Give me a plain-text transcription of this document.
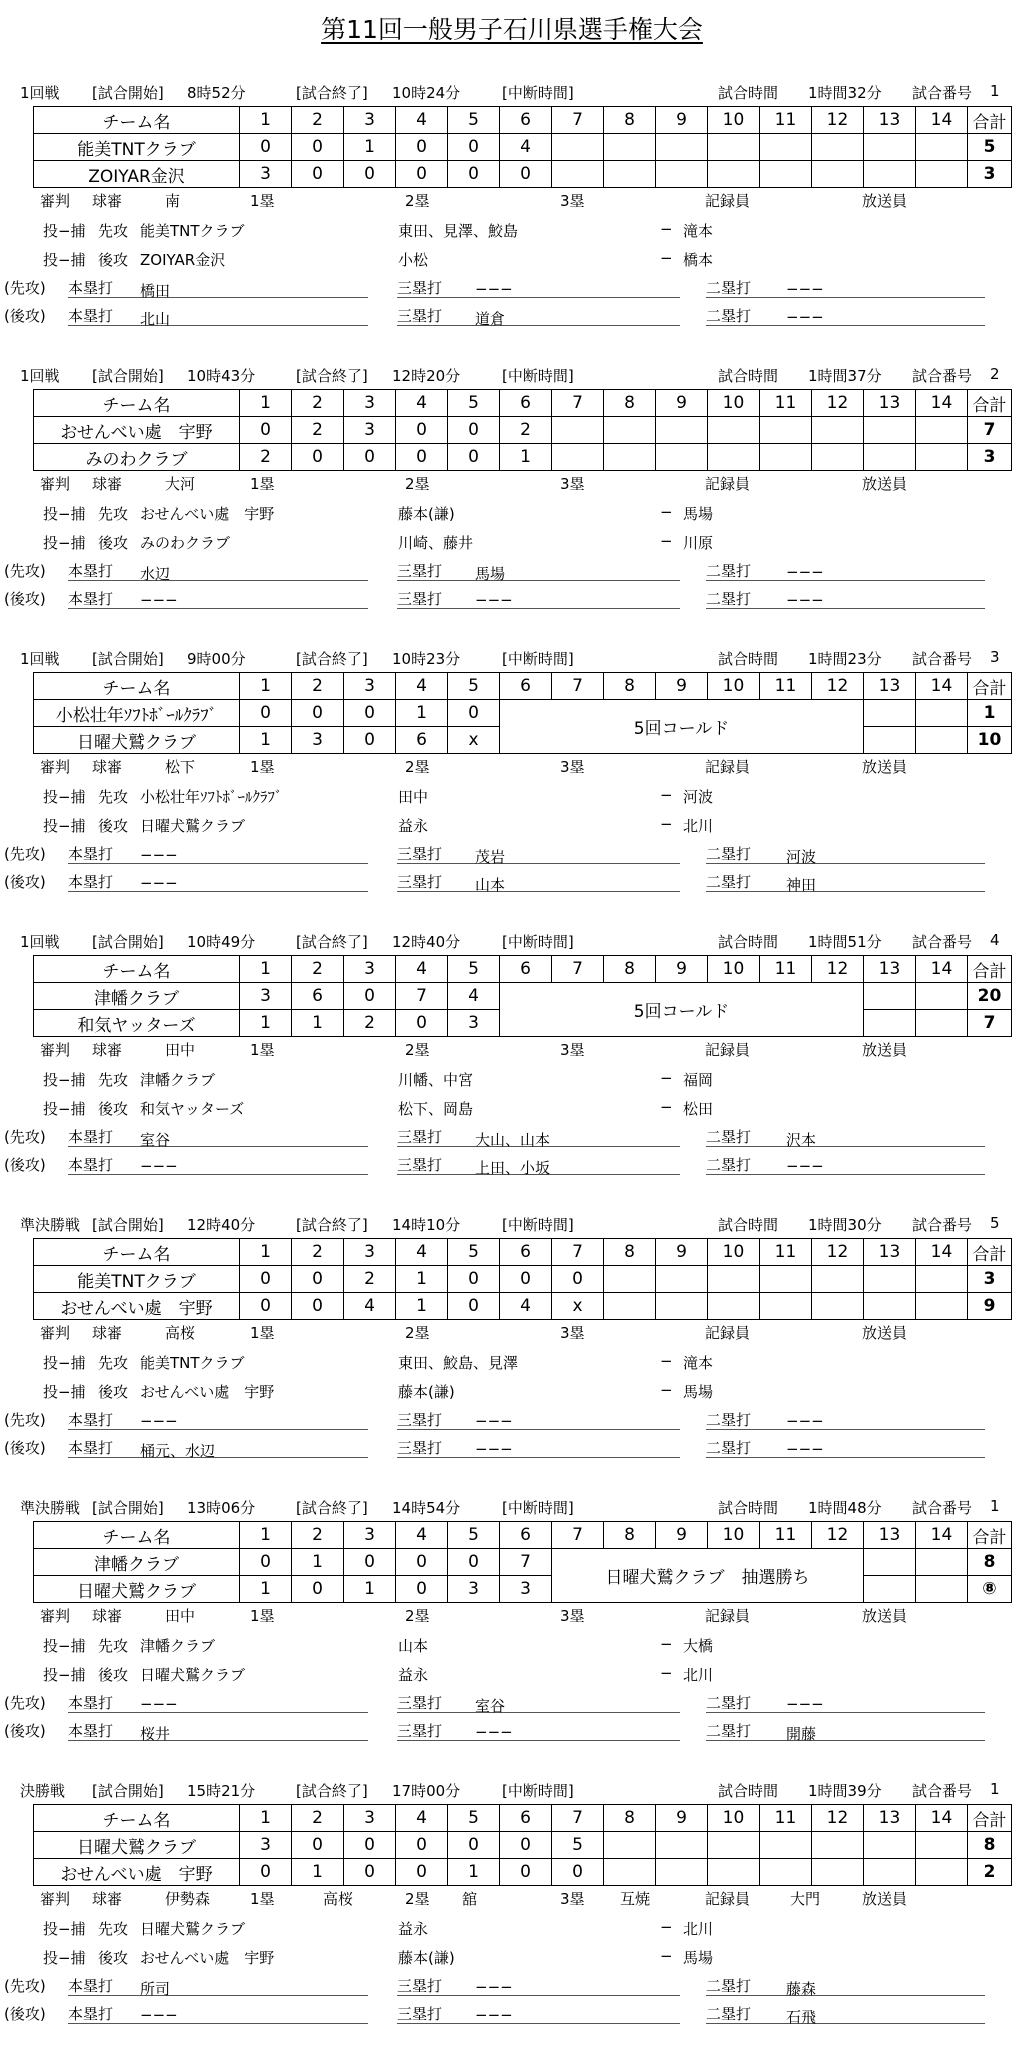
第11回一般男子石川県選手権大会
1回戦 [試合開始] 8時52分	[試合終了] 10時24分	[中断時間]	試合時間 1時間32分 試合番号 1
チーム名	1	2	3	4	5	6	7	8	9	10	11	12	13	14	合計
能美TNTクラブ	0	0	1	0	0	4									5
ZOIYAR金沢	3	0	0	0	0	0									3
審判 球審	南	1塁	2塁	3塁	記録員	放送員
投−捕 先攻 能美TNTクラブ	東田、見澤、鮫島	− 滝本
投−捕 後攻 ZOIYAR金沢	小松	− 橋本
(先攻) 本塁打 橋田	三塁打 −−−	二塁打 −−−
(後攻) 本塁打 北山	三塁打 道倉	二塁打 −−−
1回戦 [試合開始] 10時43分	[試合終了] 12時20分	[中断時間]	試合時間 1時間37分 試合番号 2
チーム名	1	2	3	4	5	6	7	8	9	10	11	12	13	14	合計
おせんべい處　宇野	0	2	3	0	0	2									7
みのわクラブ	2	0	0	0	0	1									3
審判 球審	大河	1塁	2塁	3塁	記録員	放送員
投−捕 先攻 おせんべい處　宇野	藤本(謙)	− 馬場
投−捕 後攻 みのわクラブ	川崎、藤井	− 川原
(先攻) 本塁打 水辺	三塁打 馬場	二塁打 −−−
(後攻) 本塁打 −−−	三塁打 −−−	二塁打 −−−
1回戦 [試合開始] 9時00分	[試合終了] 10時23分	[中断時間]	試合時間 1時間23分 試合番号 3
チーム名	1	2	3	4	5	6	7	8	9	10	11	12	13	14	合計
小松壮年ｿﾌﾄﾎﾞｰﾙｸﾗﾌﾞ	0	0	0	1	0	5回コールド									1
日曜犬鷲クラブ	1	3	0	6	x										10
審判 球審	松下	1塁	2塁	3塁	記録員	放送員
投−捕 先攻 小松壮年ｿﾌﾄﾎﾞｰﾙｸﾗﾌﾞ	田中	− 河波
投−捕 後攻 日曜犬鷲クラブ	益永	− 北川
(先攻) 本塁打 −−−	三塁打 茂岩	二塁打 河波
(後攻) 本塁打 −−−	三塁打 山本	二塁打 神田
1回戦 [試合開始] 10時49分	[試合終了] 12時40分	[中断時間]	試合時間 1時間51分 試合番号 4
チーム名	1	2	3	4	5	6	7	8	9	10	11	12	13	14	合計
津幡クラブ	3	6	0	7	4	5回コールド									20
和気ヤッターズ	1	1	2	0	3										7
審判 球審	田中	1塁	2塁	3塁	記録員	放送員
投−捕 先攻 津幡クラブ	川幡、中宮	− 福岡
投−捕 後攻 和気ヤッターズ	松下、岡島	− 松田
(先攻) 本塁打 室谷	三塁打 大山、山本	二塁打 沢本
(後攻) 本塁打 −−−	三塁打 上田、小坂	二塁打 −−−
準決勝戦 [試合開始] 12時40分	[試合終了] 14時10分	[中断時間]	試合時間 1時間30分 試合番号 5
チーム名	1	2	3	4	5	6	7	8	9	10	11	12	13	14	合計
能美TNTクラブ	0	0	2	1	0	0	0								3
おせんべい處　宇野	0	0	4	1	0	4	x								9
審判 球審	高桜	1塁	2塁	3塁	記録員	放送員
投−捕 先攻 能美TNTクラブ	東田、鮫島、見澤	− 滝本
投−捕 後攻 おせんべい處　宇野	藤本(謙)	− 馬場
(先攻) 本塁打 −−−	三塁打 −−−	二塁打 −−−
(後攻) 本塁打 桶元、水辺	三塁打 −−−	二塁打 −−−
準決勝戦 [試合開始] 13時06分	[試合終了] 14時54分	[中断時間]	試合時間 1時間48分 試合番号 1
チーム名	1	2	3	4	5	6	7	8	9	10	11	12	13	14	合計
津幡クラブ	0	1	0	0	0	7	日曜犬鷲クラブ　抽選勝ち								8
日曜犬鷲クラブ	1	0	1	0	3	3									⑧
審判 球審	田中	1塁	2塁	3塁	記録員	放送員
投−捕 先攻 津幡クラブ	山本	− 大橋
投−捕 後攻 日曜犬鷲クラブ	益永	− 北川
(先攻) 本塁打 −−−	三塁打 室谷	二塁打 −−−
(後攻) 本塁打 桜井	三塁打 −−−	二塁打 開藤
決勝戦 [試合開始] 15時21分	[試合終了] 17時00分	[中断時間]	試合時間 1時間39分 試合番号 1
チーム名	1	2	3	4	5	6	7	8	9	10	11	12	13	14	合計
日曜犬鷲クラブ	3	0	0	0	0	0	5								8
おせんべい處　宇野	0	1	0	0	1	0	0								2
審判 球審	伊勢森	1塁	高桜	2塁 舘	3塁 互焼	記録員	大門	放送員
投−捕 先攻 日曜犬鷲クラブ	益永	− 北川
投−捕 後攻 おせんべい處　宇野	藤本(謙)	− 馬場
(先攻) 本塁打 所司	三塁打 −−−	二塁打 藤森
(後攻) 本塁打 −−−	三塁打 −−−	二塁打 石飛
